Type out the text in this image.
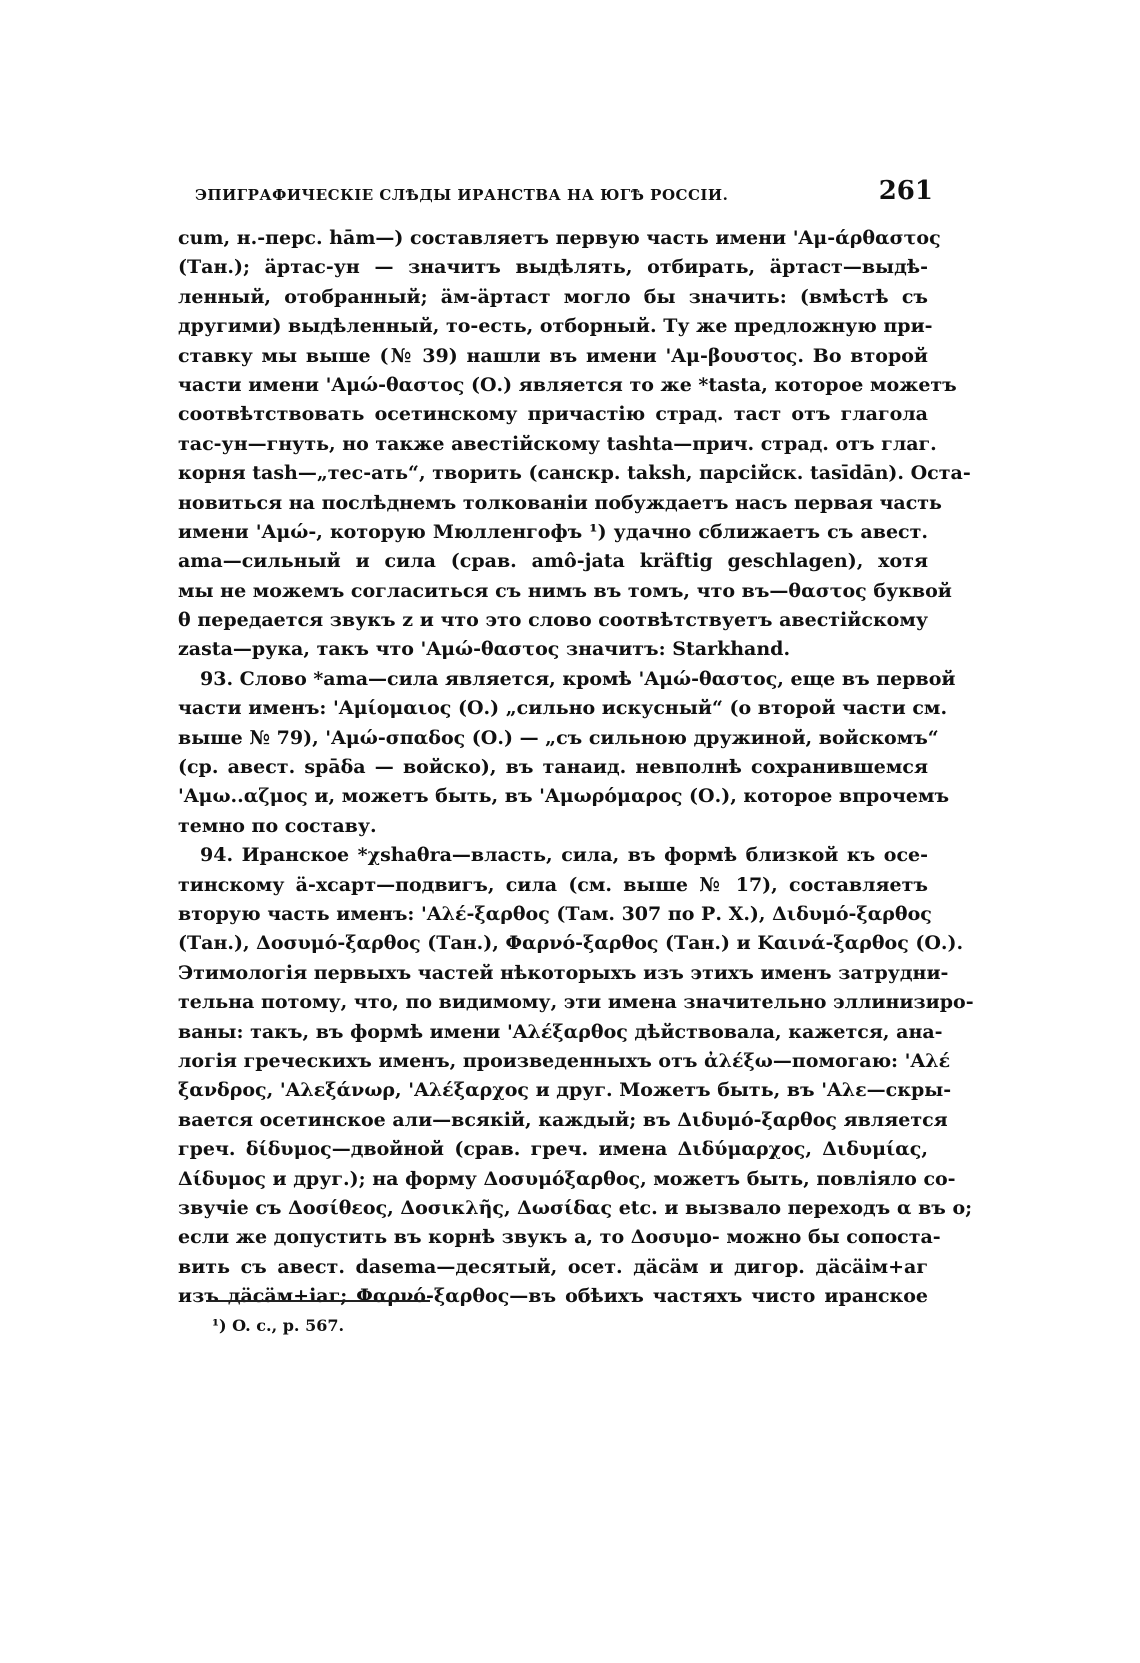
ЭПИГРАФИЧЕСКІЕ СЛѢДЫ ИРАНСТВА НА ЮГѢ РОССІИ.	261
cum, н.-перс. hām—) составляетъ первую часть имени 'Αμ-άρθαστος
(Тан.); ӓртас-ун — значитъ выдѣлять, отбирать, ӓртаст—выдѣ-
ленный, отобранный; ӓм-ӓртаст могло бы значить: (вмѣстѣ съ
другими) выдѣленный, то-есть, отборный. Ту же предложную при-
ставку мы выше (№ 39) нашли въ имени 'Αμ-βουστος. Во второй
части имени 'Αμώ-θαστος (О.) является то же *tasta, которое можетъ
соотвѣтствовать осетинскому причастію страд. таст отъ глагола
тас-ун—гнуть, но также авестійскому tashta—прич. страд. отъ глаг.
корня tash—„тес-ать“, творить (санскр. taksh, парсійск. tasīdān). Оста-
новиться на послѣднемъ толкованіи побуждаетъ насъ первая часть
имени 'Αμώ-, которую Мюлленгофъ ¹) удачно сближаетъ съ авест.
ama—сильный и сила (срав. amô-jata kräftig geschlagen), хотя
мы не можемъ согласиться съ нимъ въ томъ, что въ—θαστος буквой
θ передается звукъ z и что это слово соотвѣтствуетъ авестійскому
zasta—рука, такъ что 'Αμώ-θαστος значитъ: Starkhand.
93. Слово *ama—сила является, кромѣ 'Αμώ-θαστος, еще въ первой
части именъ: 'Αμίομαιος (О.) „сильно искусный“ (о второй части см.
выше № 79), 'Αμώ-σπαδος (О.) — „съ сильною дружиной, войскомъ“
(ср. авест. spāδa — войско), въ танаид. невполнѣ сохранившемся
'Αμω..αζμος и, можетъ быть, въ 'Αμωρόμαρος (О.), которое впрочемъ
темно по составу.
94. Иранское *χshaθra—власть, сила, въ формѣ близкой къ осе-
тинскому ӓ-хсарт—подвигъ, сила (см. выше № 17), составляетъ
вторую часть именъ: 'Αλέ-ξαρθος (Там. 307 по Р. Х.), Διδυμό-ξαρθος
(Тан.), Δοσυμό-ξαρθος (Тан.), Φαρνό-ξαρθος (Тан.) и Καινά-ξαρθος (О.).
Этимологія первыхъ частей нѣкоторыхъ изъ этихъ именъ затрудни-
тельна потому, что, по видимому, эти имена значительно эллинизиро-
ваны: такъ, въ формѣ имени 'Αλέξαρθος дѣйствовала, кажется, ана-
логія греческихъ именъ, произведенныхъ отъ ἀλέξω—помогаю: 'Αλέ
ξανδρος, 'Αλεξάνωρ, 'Αλέξαρχος и друг. Можетъ быть, въ 'Αλε—скры-
вается осетинское али—всякій, каждый; въ Διδυμό-ξαρθος является
греч. δίδυμος—двойной (срав. греч. имена Διδύμαρχος, Διδυμίας,
Δίδυμος и друг.); на форму Δοσυμόξαρθος, можетъ быть, повліяло со-
звучіе съ Δοσίθεος, Δοσικλῆς, Δωσίδας etc. и вызвало переходъ α въ ο;
если же допустить въ корнѣ звукъ а, то Δοσυμο- можно бы сопоста-
вить съ авест. dasema—десятый, осет. дӓсӓм и дигор. дӓсӓім+аг
изъ дӓсӓм+iаг; Φαρνό-ξαρθος—въ обѣихъ частяхъ чисто иранское
¹) O. c., p. 567.
